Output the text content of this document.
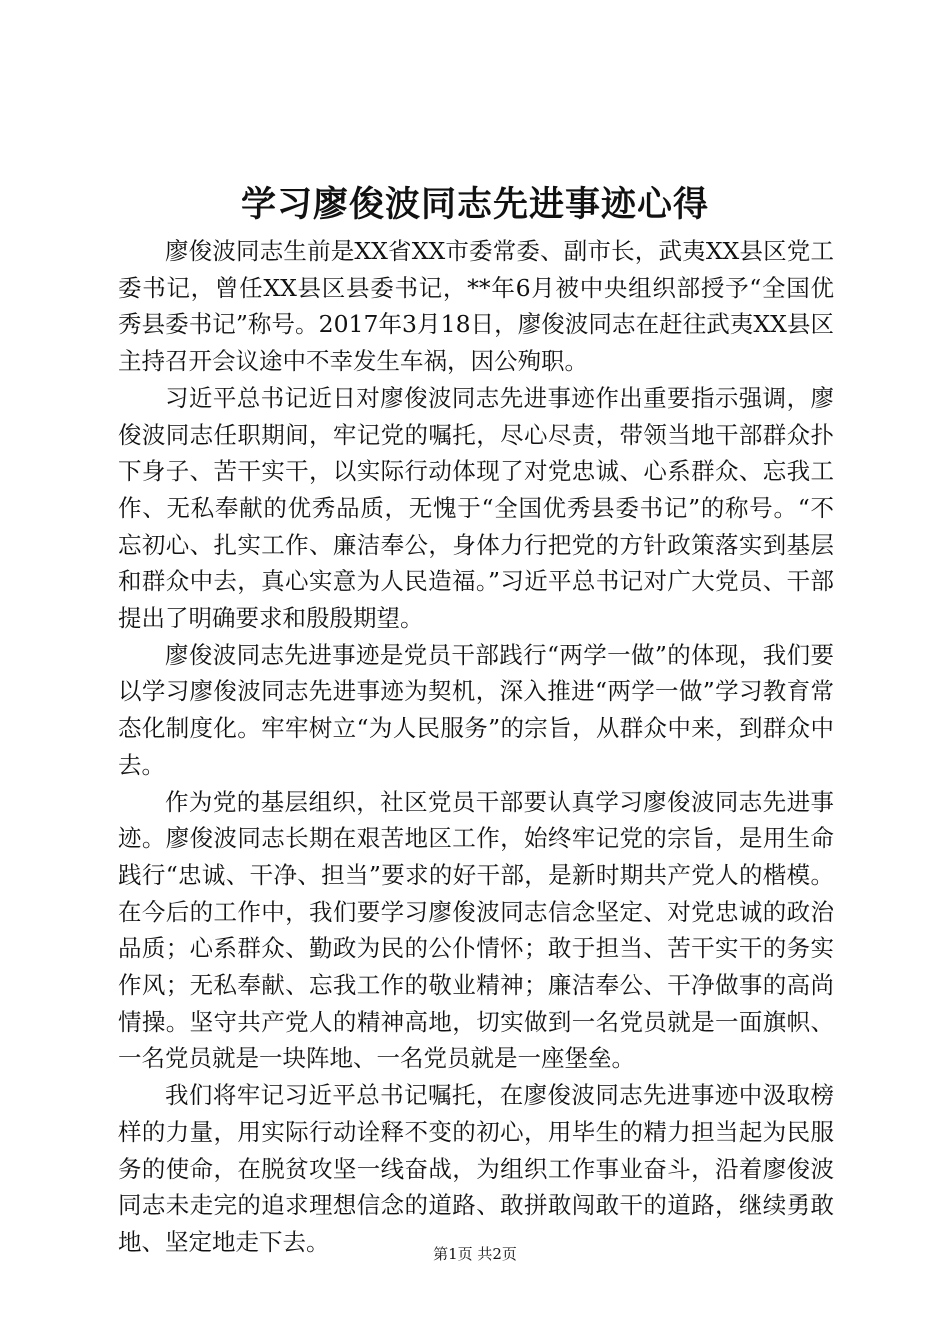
学习廖俊波同志先进事迹心得

廖俊波同志生前是XX省XX市委常委、副市长，武夷XX县区党工委书记，曾任XX县区县委书记，**年6月被中央组织部授予“全国优秀县委书记”称号。2017年3月18日，廖俊波同志在赶往武夷XX县区主持召开会议途中不幸发生车祸，因公殉职。

习近平总书记近日对廖俊波同志先进事迹作出重要指示强调，廖俊波同志任职期间，牢记党的嘱托，尽心尽责，带领当地干部群众扑下身子、苦干实干，以实际行动体现了对党忠诚、心系群众、忘我工作、无私奉献的优秀品质，无愧于“全国优秀县委书记”的称号。“不忘初心、扎实工作、廉洁奉公，身体力行把党的方针政策落实到基层和群众中去，真心实意为人民造福。”习近平总书记对广大党员、干部提出了明确要求和殷殷期望。

廖俊波同志先进事迹是党员干部践行“两学一做”的体现，我们要以学习廖俊波同志先进事迹为契机，深入推进“两学一做”学习教育常态化制度化。牢牢树立“为人民服务”的宗旨，从群众中来，到群众中去。

作为党的基层组织，社区党员干部要认真学习廖俊波同志先进事迹。廖俊波同志长期在艰苦地区工作，始终牢记党的宗旨，是用生命践行“忠诚、干净、担当”要求的好干部，是新时期共产党人的楷模。在今后的工作中，我们要学习廖俊波同志信念坚定、对党忠诚的政治品质；心系群众、勤政为民的公仆情怀；敢于担当、苦干实干的务实作风；无私奉献、忘我工作的敬业精神；廉洁奉公、干净做事的高尚情操。坚守共产党人的精神高地，切实做到一名党员就是一面旗帜、一名党员就是一块阵地、一名党员就是一座堡垒。

我们将牢记习近平总书记嘱托，在廖俊波同志先进事迹中汲取榜样的力量，用实际行动诠释不变的初心，用毕生的精力担当起为民服务的使命，在脱贫攻坚一线奋战，为组织工作事业奋斗，沿着廖俊波同志未走完的追求理想信念的道路、敢拼敢闯敢干的道路，继续勇敢地、坚定地走下去。	第1页 共2页
